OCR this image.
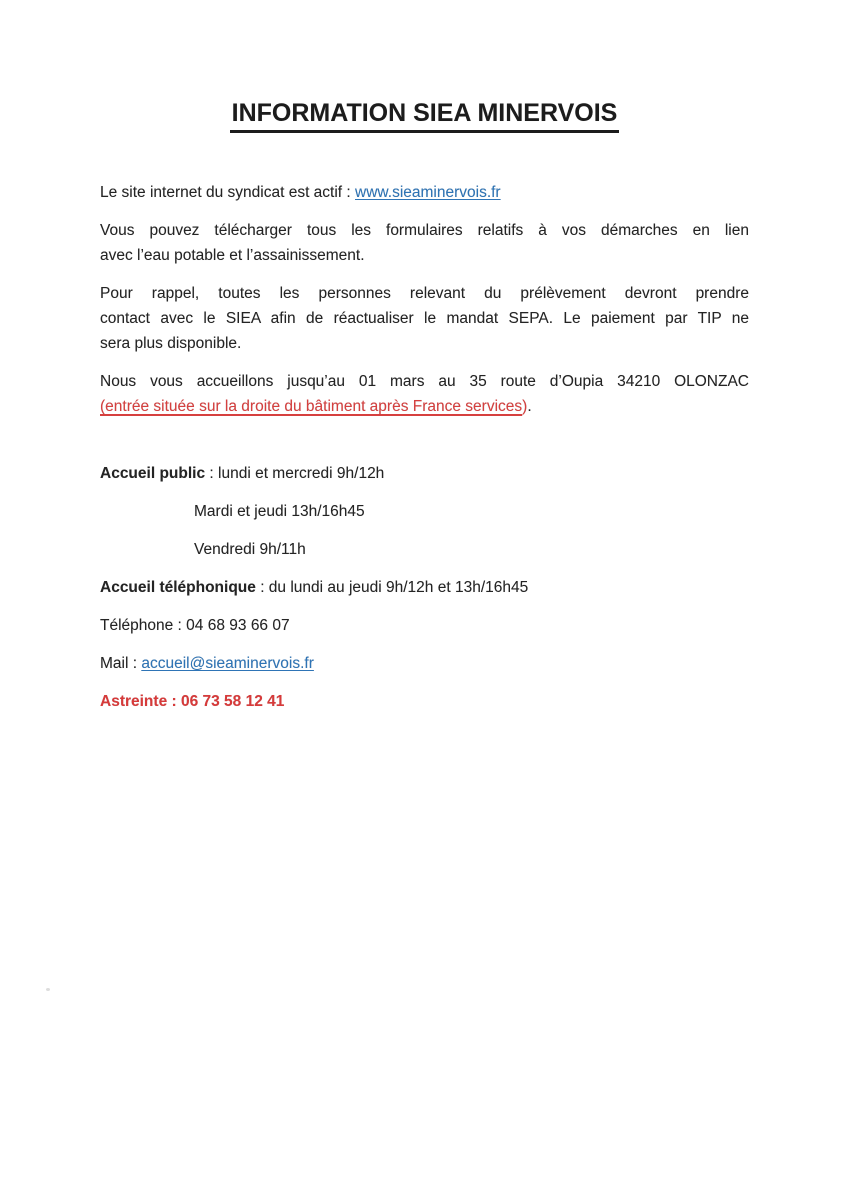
INFORMATION SIEA MINERVOIS

Le site internet du syndicat est actif : www.sieaminervois.fr

Vous pouvez télécharger tous les formulaires relatifs à vos démarches en lien
avec l’eau potable et l’assainissement.

Pour rappel, toutes les personnes relevant du prélèvement devront prendre
contact avec le SIEA afin de réactualiser le mandat SEPA. Le paiement par TIP ne
sera plus disponible.

Nous vous accueillons jusqu’au 01 mars au 35 route d’Oupia 34210 OLONZAC
(entrée située sur la droite du bâtiment après France services).

Accueil public : lundi et mercredi 9h/12h

Mardi et jeudi 13h/16h45

Vendredi 9h/11h

Accueil téléphonique : du lundi au jeudi 9h/12h et 13h/16h45

Téléphone : 04 68 93 66 07

Mail : accueil@sieaminervois.fr

Astreinte : 06 73 58 12 41
